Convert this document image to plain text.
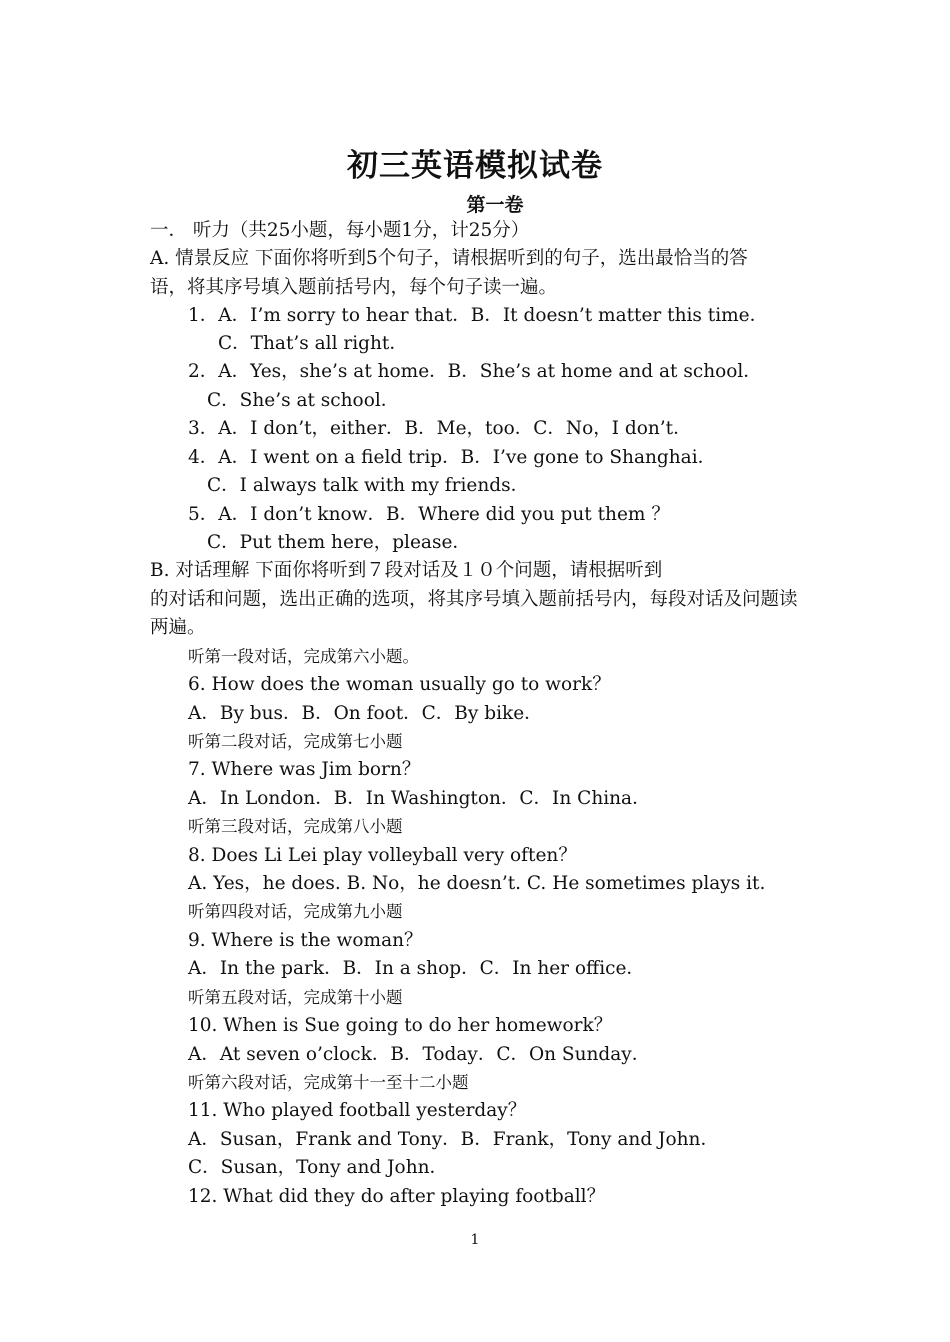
初三英语模拟试卷
第一卷
一． 听力（共25小题，每小题1分，计25分）
A. 情景反应 下面你将听到5个句子，请根据听到的句子，选出最恰当的答
语，将其序号填入题前括号内，每个句子读一遍。
1．A．I’m sorry to hear that．B．It doesn’t matter this time．
C．That’s all right．
2．A．Yes，she’s at home．B．She’s at home and at school．
C．She’s at school．
3．A．I don’t，either．B．Me，too．C．No，I don’t．
4．A．I went on a field trip．B．I’ve gone to Shanghai．
C．I always talk with my friends．
5．A．I don’t know．B．Where did you put them ？
C．Put them here，please．
B. 对话理解 下面你将听到７段对话及１０个问题，请根据听到
的对话和问题，选出正确的选项，将其序号填入题前括号内，每段对话及问题读
两遍。
听第一段对话，完成第六小题。
6. How does the woman usually go to work？
A．By bus．B．On foot．C．By bike．
听第二段对话，完成第七小题
7. Where was Jim born？
A．In London．B．In Washington．C．In China．
听第三段对话，完成第八小题
8. Does Li Lei play volleyball very often？
A. Yes，he does. B. No，he doesn’t. C. He sometimes plays it.
听第四段对话，完成第九小题
9. Where is the woman？
A．In the park．B．In a shop．C．In her office．
听第五段对话，完成第十小题
10. When is Sue going to do her homework？
A．At seven o’clock．B．Today．C．On Sunday．
听第六段对话，完成第十一至十二小题
11. Who played football yesterday？
A．Susan，Frank and Tony．B．Frank，Tony and John．
C．Susan，Tony and John．
12. What did they do after playing football？
1
